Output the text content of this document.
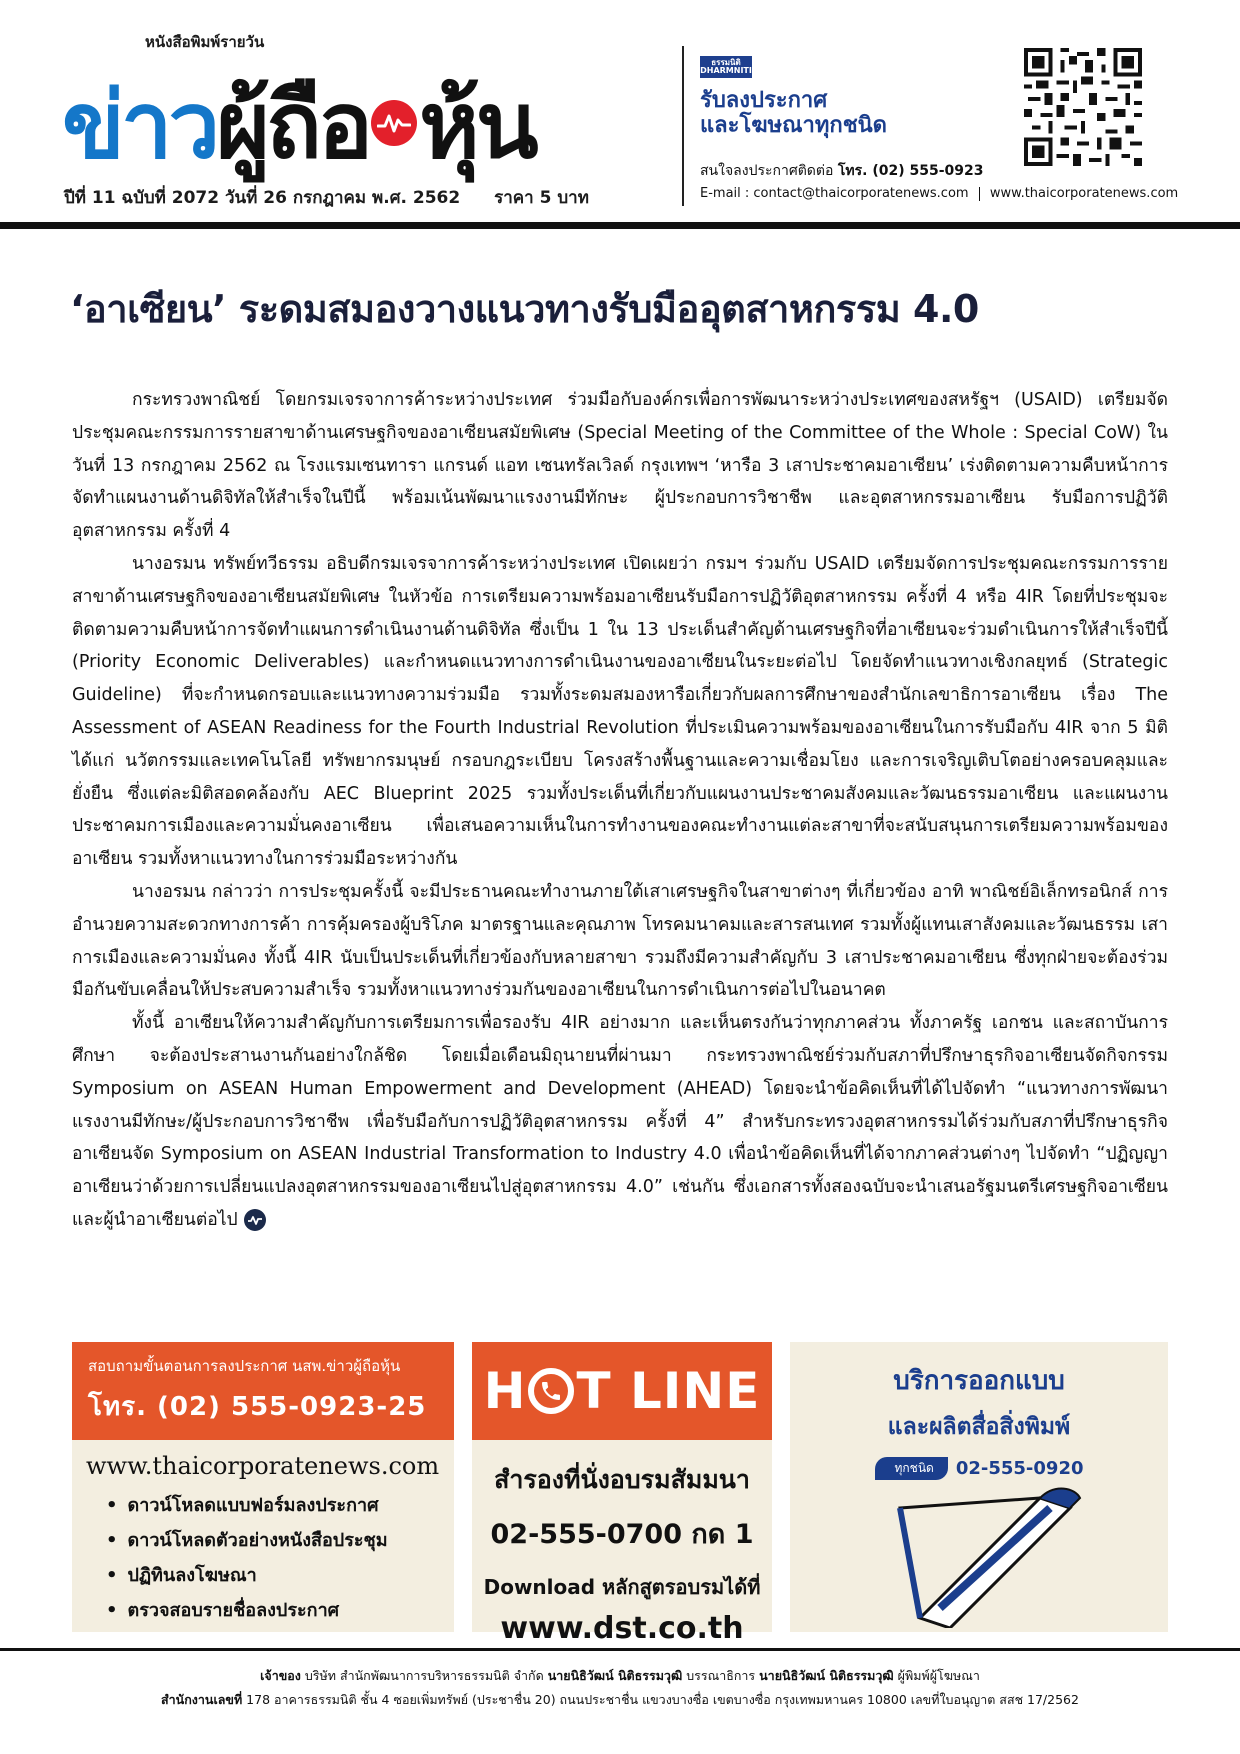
หนังสือพิมพ์รายวัน
ข่าว ผู้ถือ หุ้น
ปีที่ 11 ฉบับที่ 2072 วันที่ 26 กรกฎาคม พ.ศ. 2562 ราคา 5 บาท
ธรรมนิติ
DHARMNITI
รับลงประกาศ
และโฆษณาทุกชนิด
สนใจลงประกาศติดต่อ โทร. (02) 555-0923
E-mail : contact@thaicorporatenews.com www.thaicorporatenews.com
‘อาเซียน’ ระดมสมองวางแนวทางรับมืออุตสาหกรรม 4.0

กระทรวงพาณิชย์ โดยกรมเจรจาการค้าระหว่างประเทศ ร่วมมือกับองค์กรเพื่อการพัฒนาระหว่างประเทศของสหรัฐฯ (USAID) เตรียมจัดประชุมคณะกรรมการรายสาขาด้านเศรษฐกิจของอาเซียนสมัยพิเศษ (Special Meeting of the Committee of the Whole : Special CoW) ในวันที่ 13 กรกฎาคม 2562 ณ โรงแรมเซนทารา แกรนด์ แอท เซนทรัลเวิลด์ กรุงเทพฯ ‘หารือ 3 เสาประชาคมอาเซียน’ เร่งติดตามความคืบหน้าการจัดทำแผนงานด้านดิจิทัลให้สำเร็จในปีนี้ พร้อมเน้นพัฒนาแรงงานมีทักษะ ผู้ประกอบการวิชาชีพ และอุตสาหกรรมอาเซียน รับมือการปฏิวัติอุตสาหกรรม ครั้งที่ 4

นางอรมน ทรัพย์ทวีธรรม อธิบดีกรมเจรจาการค้าระหว่างประเทศ เปิดเผยว่า กรมฯ ร่วมกับ USAID เตรียมจัดการประชุมคณะกรรมการรายสาขาด้านเศรษฐกิจของอาเซียนสมัยพิเศษ ในหัวข้อ การเตรียมความพร้อมอาเซียนรับมือการปฏิวัติอุตสาหกรรม ครั้งที่ 4 หรือ 4IR โดยที่ประชุมจะติดตามความคืบหน้าการจัดทำแผนการดำเนินงานด้านดิจิทัล ซึ่งเป็น 1 ใน 13 ประเด็นสำคัญด้านเศรษฐกิจที่อาเซียนจะร่วมดำเนินการให้สำเร็จปีนี้ (Priority Economic Deliverables) และกำหนดแนวทางการดำเนินงานของอาเซียนในระยะต่อไป โดยจัดทำแนวทางเชิงกลยุทธ์ (Strategic Guideline) ที่จะกำหนดกรอบและแนวทางความร่วมมือ รวมทั้งระดมสมองหารือเกี่ยวกับผลการศึกษาของสำนักเลขาธิการอาเซียน เรื่อง The Assessment of ASEAN Readiness for the Fourth Industrial Revolution ที่ประเมินความพร้อมของอาเซียนในการรับมือกับ 4IR จาก 5 มิติ ได้แก่ นวัตกรรมและเทคโนโลยี ทรัพยากรมนุษย์ กรอบกฎระเบียบ โครงสร้างพื้นฐานและความเชื่อมโยง และการเจริญเติบโตอย่างครอบคลุมและยั่งยืน ซึ่งแต่ละมิติสอดคล้องกับ AEC Blueprint 2025 รวมทั้งประเด็นที่เกี่ยวกับแผนงานประชาคมสังคมและวัฒนธรรมอาเซียน และแผนงานประชาคมการเมืองและความมั่นคงอาเซียน เพื่อเสนอความเห็นในการทำงานของคณะทำงานแต่ละสาขาที่จะสนับสนุนการเตรียมความพร้อมของอาเซียน รวมทั้งหาแนวทางในการร่วมมือระหว่างกัน

นางอรมน กล่าวว่า การประชุมครั้งนี้ จะมีประธานคณะทำงานภายใต้เสาเศรษฐกิจในสาขาต่างๆ ที่เกี่ยวข้อง อาทิ พาณิชย์อิเล็กทรอนิกส์ การอำนวยความสะดวกทางการค้า การคุ้มครองผู้บริโภค มาตรฐานและคุณภาพ โทรคมนาคมและสารสนเทศ รวมทั้งผู้แทนเสาสังคมและวัฒนธรรม เสาการเมืองและความมั่นคง ทั้งนี้ 4IR นับเป็นประเด็นที่เกี่ยวข้องกับหลายสาขา รวมถึงมีความสำคัญกับ 3 เสาประชาคมอาเซียน ซึ่งทุกฝ่ายจะต้องร่วมมือกันขับเคลื่อนให้ประสบความสำเร็จ รวมทั้งหาแนวทางร่วมกันของอาเซียนในการดำเนินการต่อไปในอนาคต

ทั้งนี้ อาเซียนให้ความสำคัญกับการเตรียมการเพื่อรองรับ 4IR อย่างมาก และเห็นตรงกันว่าทุกภาคส่วน ทั้งภาครัฐ เอกชน และสถาบันการศึกษา จะต้องประสานงานกันอย่างใกล้ชิด โดยเมื่อเดือนมิถุนายนที่ผ่านมา กระทรวงพาณิชย์ร่วมกับสภาที่ปรึกษาธุรกิจอาเซียนจัดกิจกรรม Symposium on ASEAN Human Empowerment and Development (AHEAD) โดยจะนำข้อคิดเห็นที่ได้ไปจัดทำ “แนวทางการพัฒนาแรงงานมีทักษะ/ผู้ประกอบการวิชาชีพ เพื่อรับมือกับการปฏิวัติอุตสาหกรรม ครั้งที่ 4” สำหรับกระทรวงอุตสาหกรรมได้ร่วมกับสภาที่ปรึกษาธุรกิจอาเซียนจัด Symposium on ASEAN Industrial Transformation to Industry 4.0 เพื่อนำข้อคิดเห็นที่ได้จากภาคส่วนต่างๆ ไปจัดทำ “ปฏิญญาอาเซียนว่าด้วยการเปลี่ยนแปลงอุตสาหกรรมของอาเซียนไปสู่อุตสาหกรรม 4.0” เช่นกัน ซึ่งเอกสารทั้งสองฉบับจะนำเสนอรัฐมนตรีเศรษฐกิจอาเซียนและผู้นำอาเซียนต่อไป

สอบถามขั้นตอนการลงประกาศ นสพ.ข่าวผู้ถือหุ้น
โทร. (02) 555-0923-25
www.thaicorporatenews.com
• ดาวน์โหลดแบบฟอร์มลงประกาศ
• ดาวน์โหลดตัวอย่างหนังสือประชุม
• ปฏิทินลงโฆษณา
• ตรวจสอบรายชื่อลงประกาศ
H T LINE
สำรองที่นั่งอบรมสัมมนา
02-555-0700 กด 1
Download หลักสูตรอบรมได้ที่
www.dst.co.th
บริการออกแบบ
และผลิตสื่อสิ่งพิมพ์
ทุกชนิด	02-555-0920
เจ้าของ บริษัท สำนักพัฒนาการบริหารธรรมนิติ จำกัด นายนิธิวัฒน์ นิติธรรมวุฒิ บรรณาธิการ นายนิธิวัฒน์ นิติธรรมวุฒิ ผู้พิมพ์ผู้โฆษณา
สำนักงานเลขที่ 178 อาคารธรรมนิติ ชั้น 4 ซอยเพิ่มทรัพย์ (ประชาชื่น 20) ถนนประชาชื่น แขวงบางซื่อ เขตบางซื่อ กรุงเทพมหานคร 10800 เลขที่ใบอนุญาต สสช 17/2562
